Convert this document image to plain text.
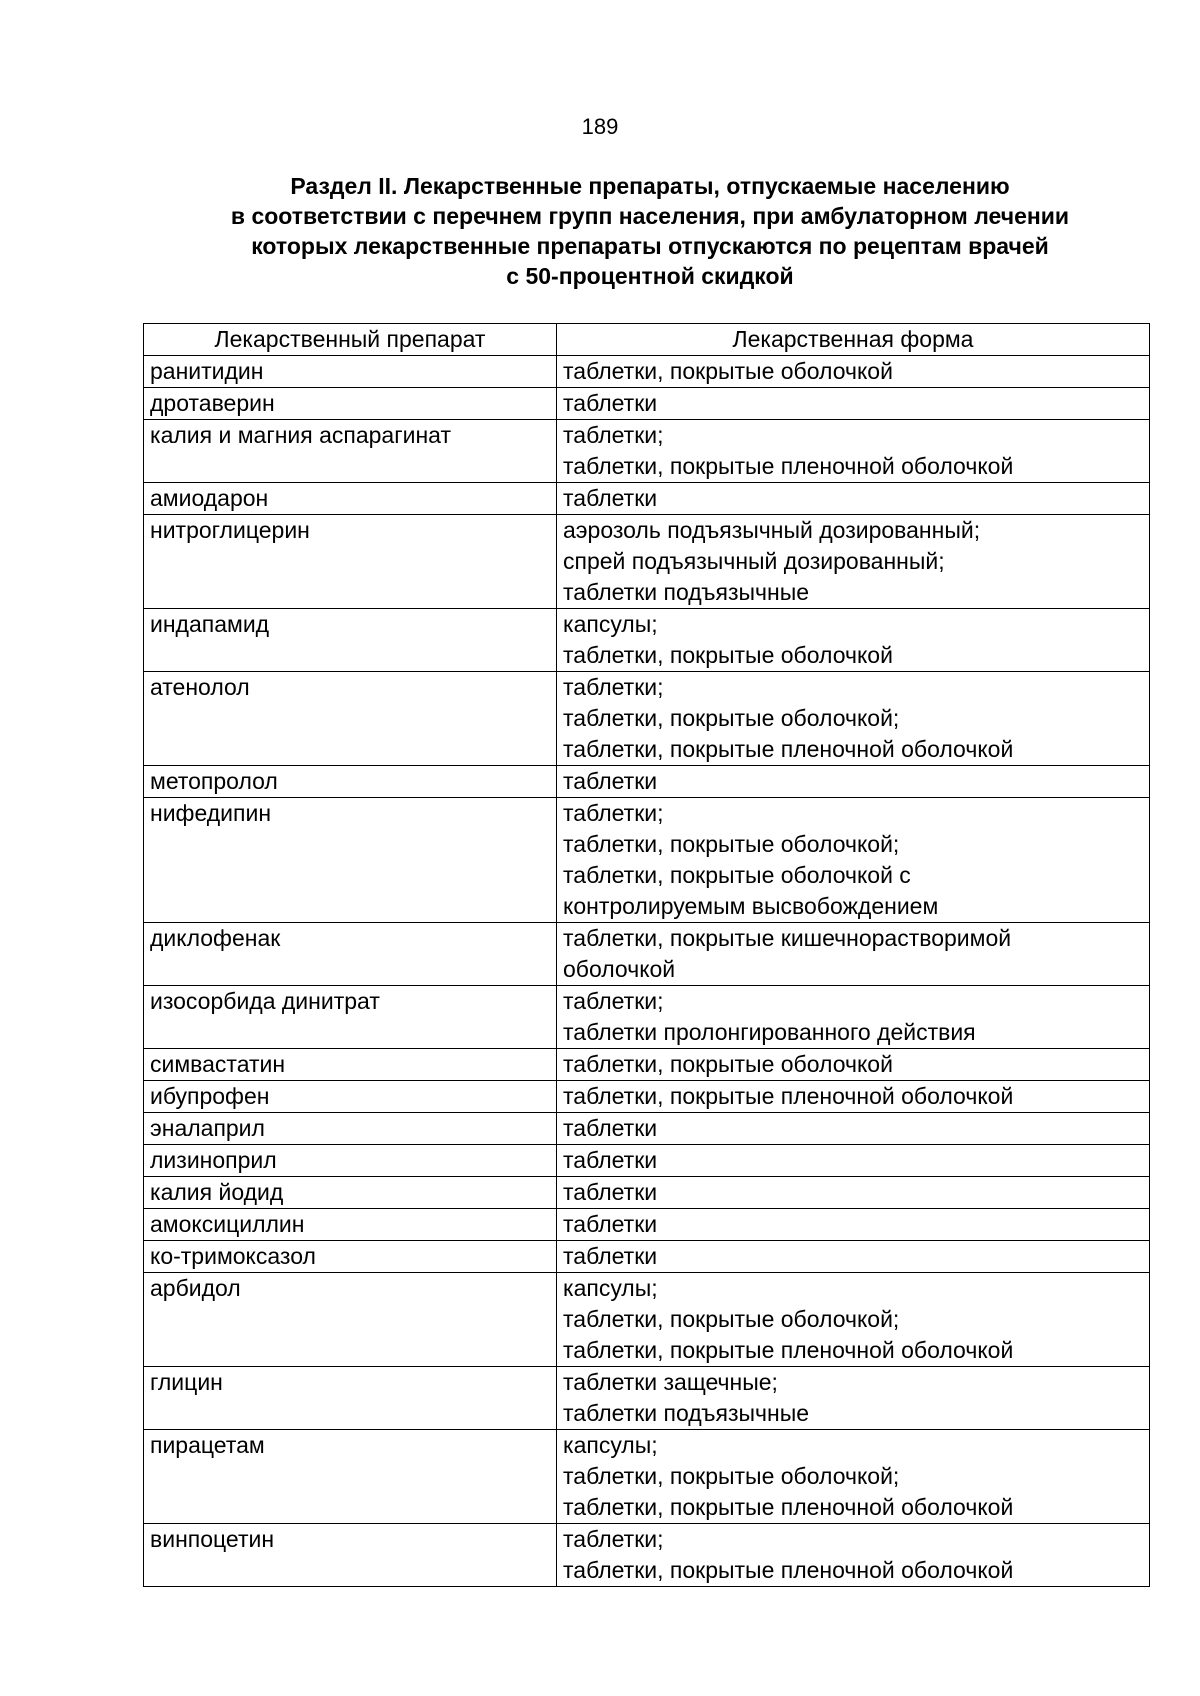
189
Раздел II. Лекарственные препараты, отпускаемые населению
в соответствии с перечнем групп населения, при амбулаторном лечении
которых лекарственные препараты отпускаются по рецептам врачей
с 50-процентной скидкой
Лекарственный препарат	Лекарственная форма
ранитидин	таблетки, покрытые оболочкой
дротаверин	таблетки
калия и магния аспарагинат	таблетки;
таблетки, покрытые пленочной оболочкой
амиодарон	таблетки
нитроглицерин	аэрозоль подъязычный дозированный;
спрей подъязычный дозированный;
таблетки подъязычные
индапамид	капсулы;
таблетки, покрытые оболочкой
атенолол	таблетки;
таблетки, покрытые оболочкой;
таблетки, покрытые пленочной оболочкой
метопролол	таблетки
нифедипин	таблетки;
таблетки, покрытые оболочкой;
таблетки, покрытые оболочкой с
контролируемым высвобождением
диклофенак	таблетки, покрытые кишечнорастворимой
оболочкой
изосорбида динитрат	таблетки;
таблетки пролонгированного действия
симвастатин	таблетки, покрытые оболочкой
ибупрофен	таблетки, покрытые пленочной оболочкой
эналаприл	таблетки
лизиноприл	таблетки
калия йодид	таблетки
амоксициллин	таблетки
ко-тримоксазол	таблетки
арбидол	капсулы;
таблетки, покрытые оболочкой;
таблетки, покрытые пленочной оболочкой
глицин	таблетки защечные;
таблетки подъязычные
пирацетам	капсулы;
таблетки, покрытые оболочкой;
таблетки, покрытые пленочной оболочкой
винпоцетин	таблетки;
таблетки, покрытые пленочной оболочкой
